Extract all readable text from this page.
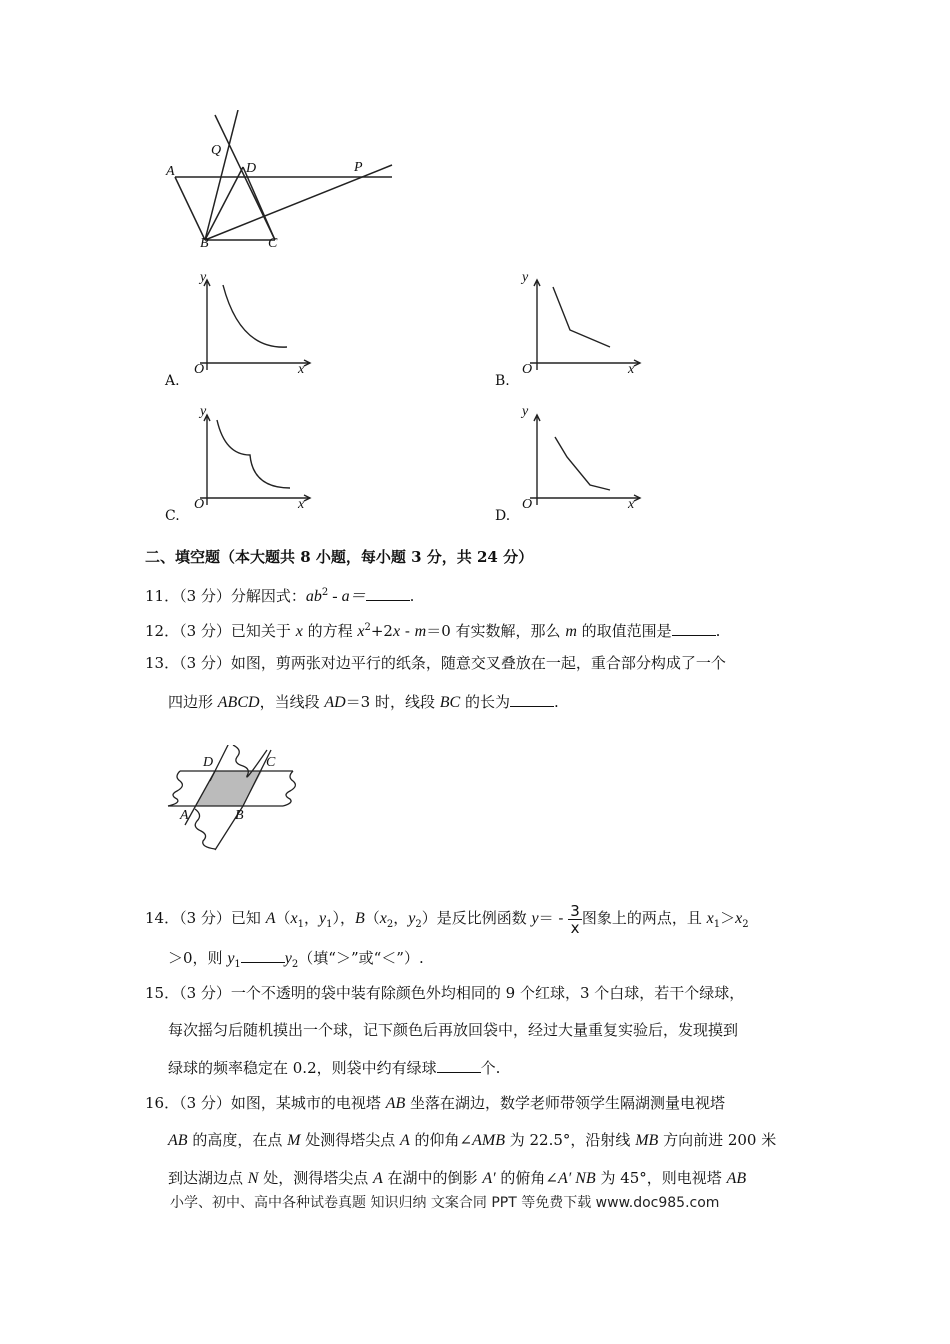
A
Q
D	P
B	C
y
x
O
A.
y
x
O
B.
y
x
O
C.
y
x
O
D.
二、填空题（本大题共 8 小题，每小题 3 分，共 24 分）
11．（3 分）分解因式：$ab^2 - a=$	.
12．（3 分）已知关于 x 的方程 $x^2+2x - m=0$ 有实数解，那么 m 的取值范围是	.
13．（3 分）如图，剪两张对边平行的纸条，随意交叉叠放在一起，重合部分构成了一个
四边形 ABCD，当线段 AD＝3 时，线段 BC 的长为	.
D	C
A	B
14．（3 分）已知 $A(x_1$，$y_1$），$B(x_2$，$y_2$）是反比例函数 $y= - \frac{3}{x}$ 图象上的两点，且 $x_1>x_2$
＞0，则 $y_1$	$y_2$（填“＞”或“＜”）.
15．（3 分）一个不透明的袋中装有除颜色外均相同的 9 个红球，3 个白球，若干个绿球，
每次摇匀后随机摸出一个球，记下颜色后再放回袋中，经过大量重复实验后，发现摸到
绿球的频率稳定在 0.2，则袋中约有绿球	个.
16．（3 分）如图，某城市的电视塔 AB 坐落在湖边，数学老师带领学生隔湖测量电视塔
AB 的高度，在点 M 处测得塔尖点 A 的仰角∠AMB 为 22.5°，沿射线 MB 方向前进 200 米
到达湖边点 N 处，测得塔尖点 A 在湖中的倒影 A′ 的俯角∠A′ NB 为 45°，则电视塔 AB
小学、初中、高中各种试卷真题 知识归纳 文案合同 PPT 等免费下载 www.doc985.com
